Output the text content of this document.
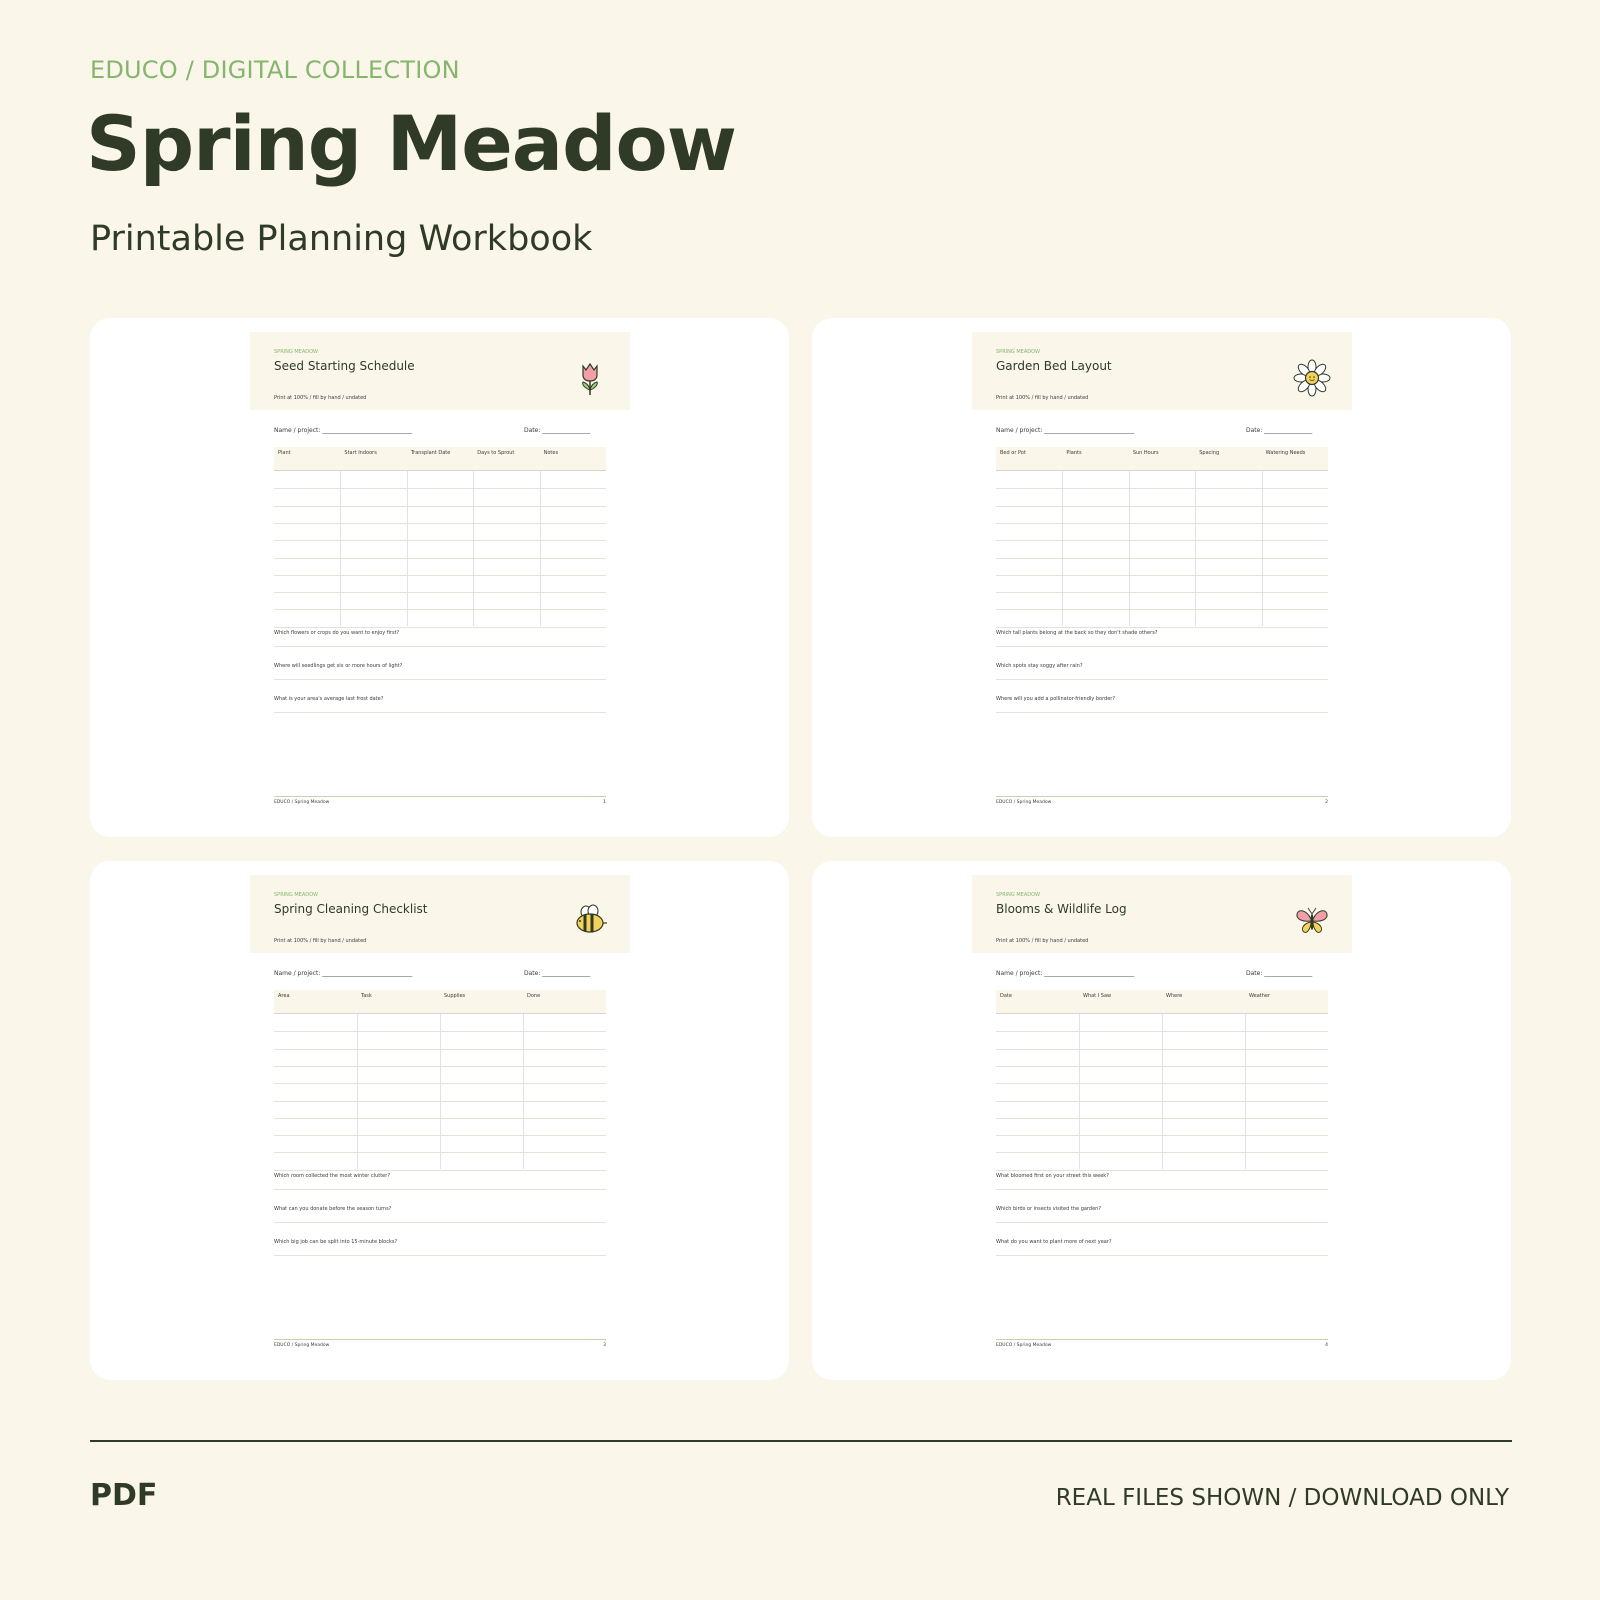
EDUCO / DIGITAL COLLECTION
Spring Meadow
Printable Planning Workbook
SPRING MEADOW
Seed Starting Schedule
Print at 100% / fill by hand / undated
Name / project: ______________________________	Date: ________________
Plant	Start Indoors	Transplant Date	Days to Sprout	Notes
Which flowers or crops do you want to enjoy first?
Where will seedlings get six or more hours of light?
What is your area's average last frost date?
EDUCO / Spring Meadow	1
SPRING MEADOW
Garden Bed Layout
Print at 100% / fill by hand / undated
Name / project: ______________________________	Date: ________________
Bed or Pot	Plants	Sun Hours	Spacing	Watering Needs
Which tall plants belong at the back so they don't shade others?
Which spots stay soggy after rain?
Where will you add a pollinator-friendly border?
EDUCO / Spring Meadow	2
SPRING MEADOW
Spring Cleaning Checklist
Print at 100% / fill by hand / undated
Name / project: ______________________________	Date: ________________
Area	Task	Supplies	Done
Which room collected the most winter clutter?
What can you donate before the season turns?
Which big job can be split into 15-minute blocks?
EDUCO / Spring Meadow	3
SPRING MEADOW
Blooms & Wildlife Log
Print at 100% / fill by hand / undated
Name / project: ______________________________	Date: ________________
Date	What I Saw	Where	Weather
What bloomed first on your street this week?
Which birds or insects visited the garden?
What do you want to plant more of next year?
EDUCO / Spring Meadow	4
PDF	REAL FILES SHOWN / DOWNLOAD ONLY
